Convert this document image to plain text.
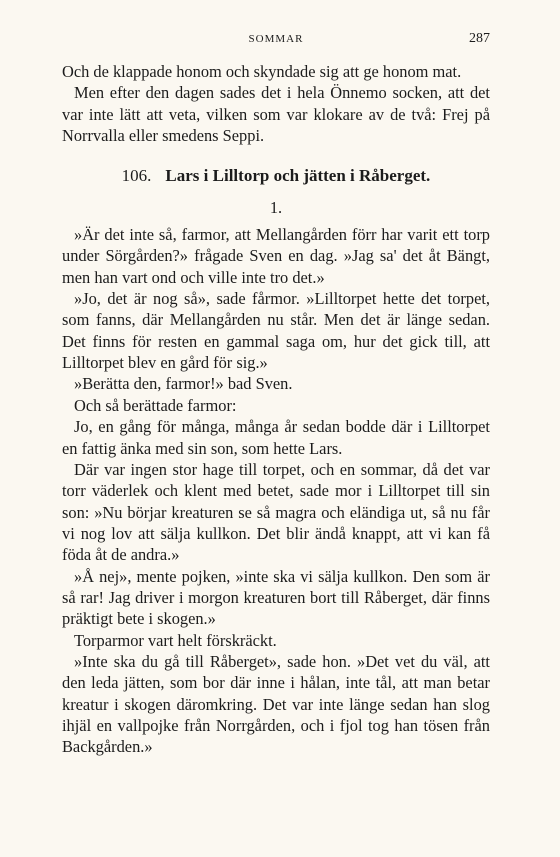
SOMMAR	287

Och de klappade honom och skyndade sig att ge honom mat.

Men efter den dagen sades det i hela Önnemo socken, att det var inte lätt att veta, vilken som var klokare av de två: Frej på Norrvalla eller smedens Seppi.

106. Lars i Lilltorp och jätten i Råberget.
1.

»Är det inte så, farmor, att Mellangården förr har varit ett torp under Sörgården?» frågade Sven en dag. »Jag sa' det åt Bängt, men han vart ond och ville inte tro det.»

»Jo, det är nog så», sade fårmor. »Lilltorpet hette det torpet, som fanns, där Mellangården nu står. Men det är länge sedan. Det finns för resten en gammal saga om, hur det gick till, att Lilltorpet blev en gård för sig.»

»Berätta den, farmor!» bad Sven.

Och så berättade farmor:

Jo, en gång för många, många år sedan bodde där i Lilltorpet en fattig änka med sin son, som hette Lars.

Där var ingen stor hage till torpet, och en sommar, då det var torr väderlek och klent med betet, sade mor i Lilltorpet till sin son: »Nu börjar kreaturen se så magra och eländiga ut, så nu får vi nog lov att sälja kullkon. Det blir ändå knappt, att vi kan få föda åt de andra.»

»Å nej», mente pojken, »inte ska vi sälja kullkon. Den som är så rar! Jag driver i morgon kreaturen bort till Råberget, där finns präktigt bete i skogen.»

Torparmor vart helt förskräckt.

»Inte ska du gå till Råberget», sade hon. »Det vet du väl, att den leda jätten, som bor där inne i hålan, inte tål, att man betar kreatur i skogen däromkring. Det var inte länge sedan han slog ihjäl en vallpojke från Norrgården, och i fjol tog han tösen från Backgården.»
